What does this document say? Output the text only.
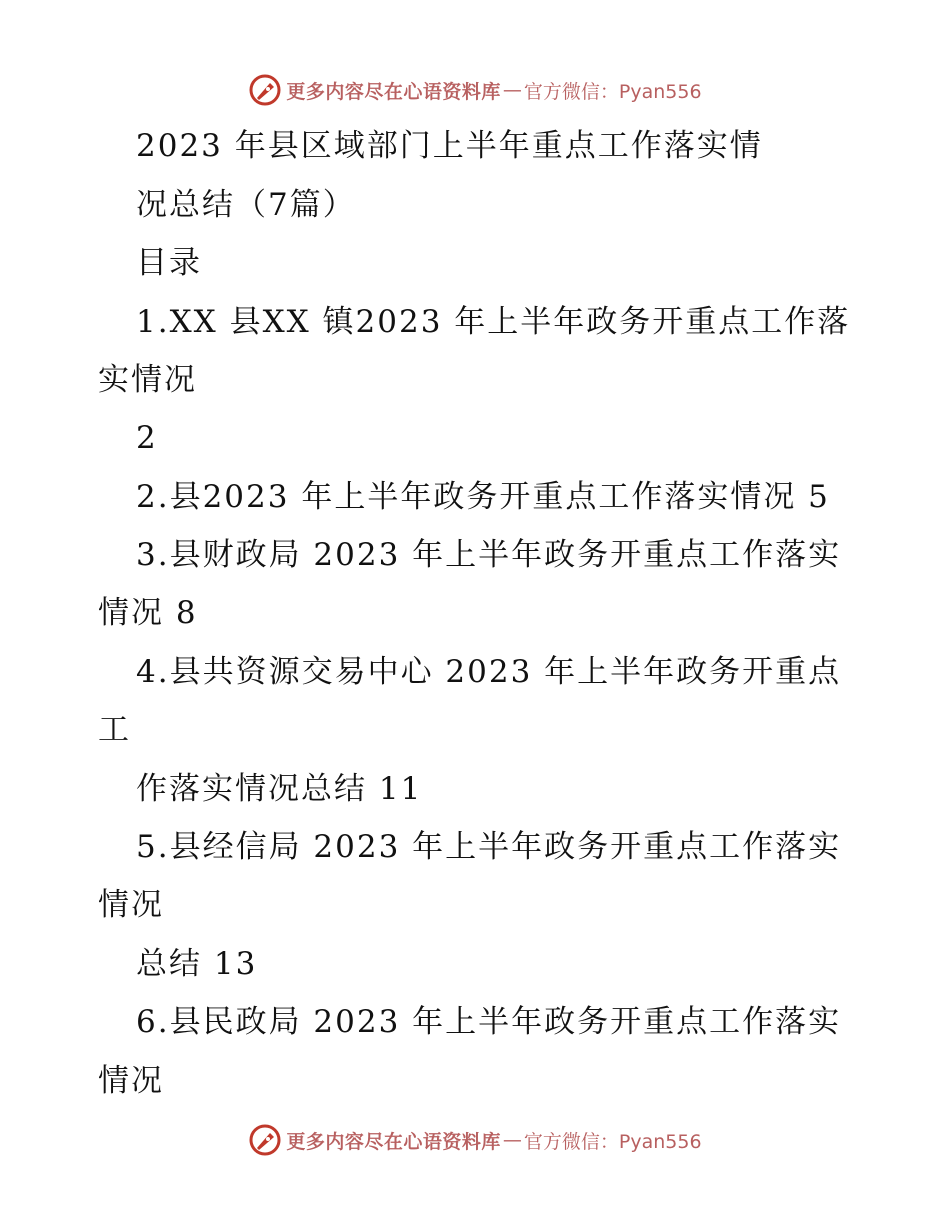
更多内容尽在心语资料库 — 官方微信：Pyan556
2023 年县区域部门上半年重点工作落实情
况总结（7篇）
目录
1.XX 县XX 镇2023 年上半年政务开重点工作落
实情况
2
2.县2023 年上半年政务开重点工作落实情况 5
3.县财政局 2023 年上半年政务开重点工作落实
情况 8
4.县共资源交易中心 2023 年上半年政务开重点
工
作落实情况总结 11
5.县经信局 2023 年上半年政务开重点工作落实
情况
总结 13
6.县民政局 2023 年上半年政务开重点工作落实
情况
更多内容尽在心语资料库 — 官方微信：Pyan556
